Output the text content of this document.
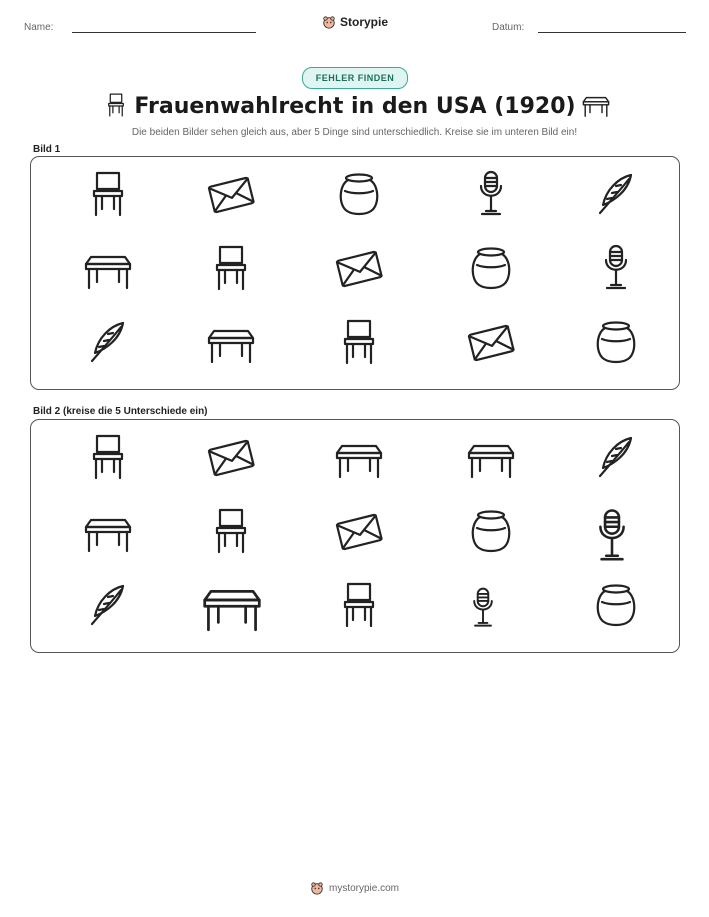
Name:	Storypie	Datum:
FEHLER FINDEN
Frauenwahlrecht in den USA (1920)
Die beiden Bilder sehen gleich aus, aber 5 Dinge sind unterschiedlich. Kreise sie im unteren Bild ein!
Bild 1
Bild 2 (kreise die 5 Unterschiede ein)
mystorypie.com
